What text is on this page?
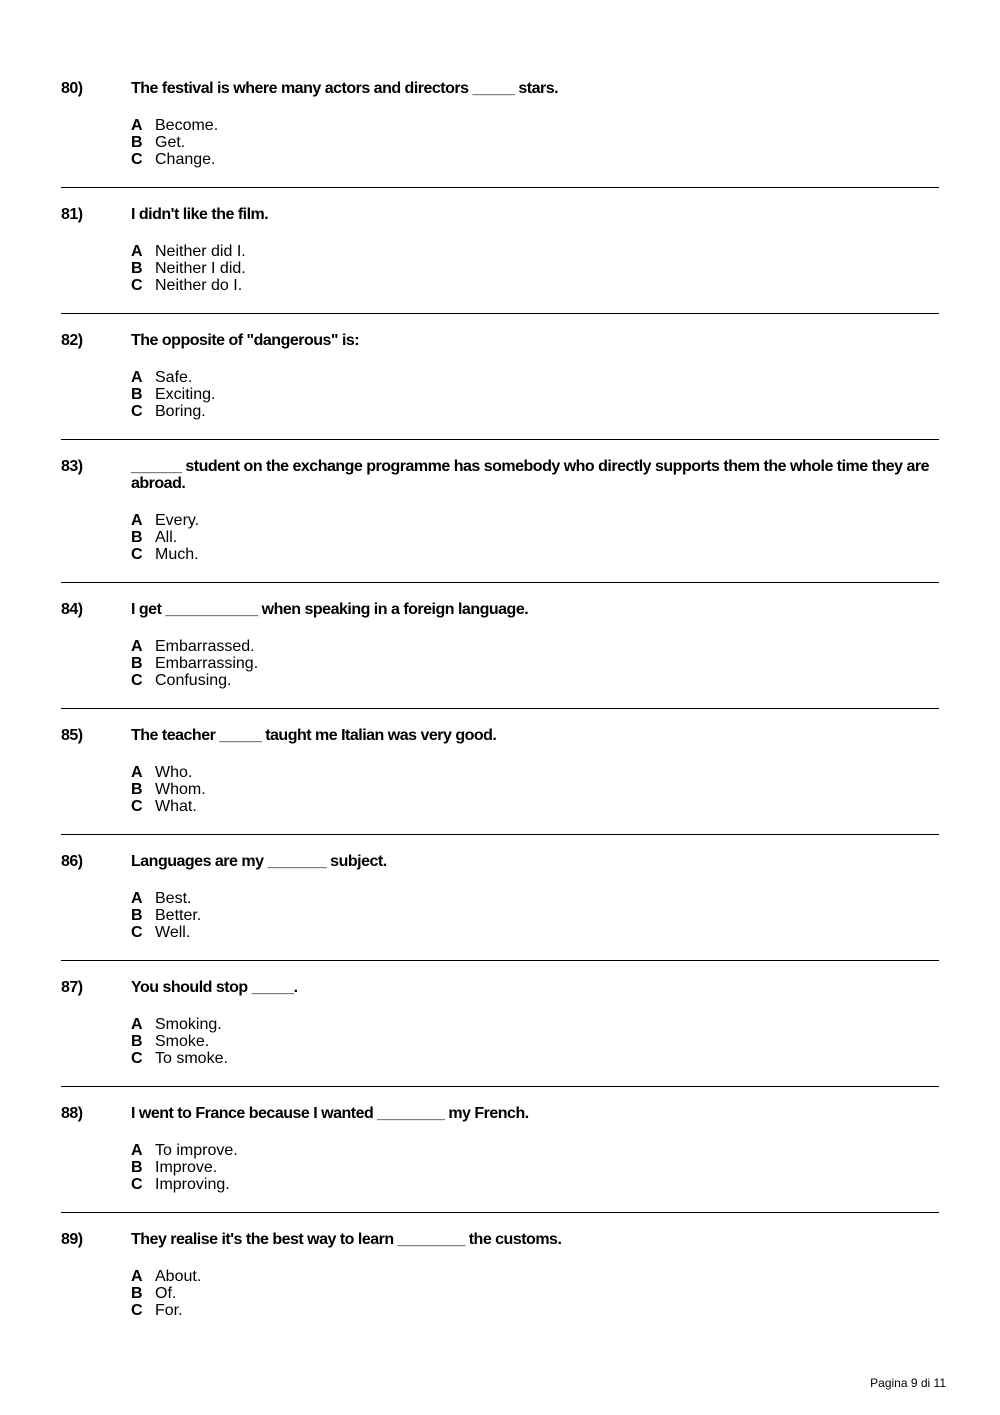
80)	The festival is where many actors and directors _____ stars.
A Become.
B Get.
C Change.
81)	I didn't like the film.
A Neither did I.
B Neither I did.
C Neither do I.
82)	The opposite of "dangerous" is:
A Safe.
B Exciting.
C Boring.
83)	______ student on the exchange programme has somebody who directly supports them the whole time they are abroad.
A Every.
B All.
C Much.
84)	I get ___________ when speaking in a foreign language.
A Embarrassed.
B Embarrassing.
C Confusing.
85)	The teacher _____ taught me Italian was very good.
A Who.
B Whom.
C What.
86)	Languages are my _______ subject.
A Best.
B Better.
C Well.
87)	You should stop _____.
A Smoking.
B Smoke.
C To smoke.
88)	I went to France because I wanted ________ my French.
A To improve.
B Improve.
C Improving.
89)	They realise it's the best way to learn ________ the customs.
A About.
B Of.
C For.
Pagina 9 di 11
